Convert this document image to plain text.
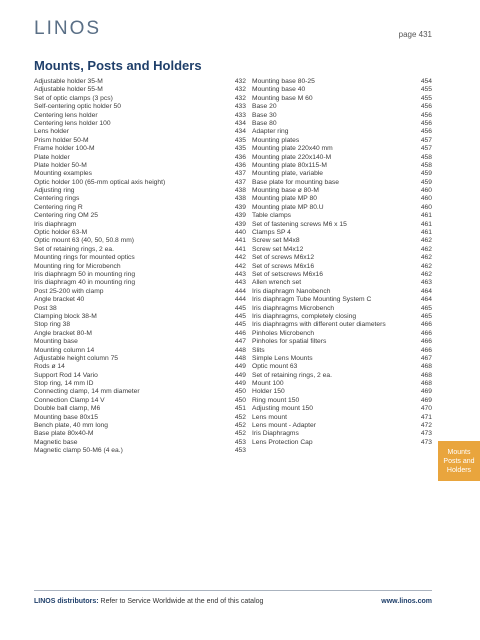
LINOS	page 431
Mounts, Posts and Holders
Adjustable holder 35-M	432
Adjustable holder 55-M	432
Set of optic clamps (3 pcs)	432
Self-centering optic holder 50	433
Centering lens holder	433
Centering lens holder 100	434
Lens holder	434
Prism holder 50-M	435
Frame holder 100-M	435
Plate holder	436
Plate holder 50-M	436
Mounting examples	437
Optic holder 100 (65-mm optical axis height)	437
Adjusting ring	438
Centering rings	438
Centering ring R	439
Centering ring OM 25	439
Iris diaphragm	439
Optic holder 63-M	440
Optic mount 63 (40, 50, 50.8 mm)	441
Set of retaining rings, 2 ea.	441
Mounting rings for mounted optics	442
Mounting ring for Microbench	442
Iris diaphragm 50 in mounting ring	443
Iris diaphragm 40 in mounting ring	443
Post 25-200 with clamp	444
Angle bracket 40	444
Post 38	445
Clamping block 38-M	445
Stop ring 38	445
Angle bracket 80-M	446
Mounting base	447
Mounting column 14	448
Adjustable height column 75	448
Rods ø 14	449
Support Rod 14 Vario	449
Stop ring, 14 mm ID	449
Connecting clamp, 14 mm diameter	450
Connection Clamp 14 V	450
Double ball clamp, M6	451
Mounting base 80x15	452
Bench plate, 40 mm long	452
Base plate 80x40-M	452
Magnetic base	453
Magnetic clamp 50-M6 (4 ea.)	453
Mounting base 80-25	454
Mounting base 40	455
Mounting base M 60	455
Base 20	456
Base 30	456
Base 80	456
Adapter ring	456
Mounting plates	457
Mounting plate 220x40 mm	457
Mounting plate 220x140-M	458
Mounting plate 80x115-M	458
Mounting plate, variable	459
Base plate for mounting base	459
Mounting base ø 80-M	460
Mounting plate MP 80	460
Mounting plate MP 80.U	460
Table clamps	461
Set of fastening screws M6 x 15	461
Clamps SP 4	461
Screw set M4x8	462
Screw set M4x12	462
Set of screws M6x12	462
Set of screws M6x16	462
Set of setscrews M6x16	462
Allen wrench set	463
Iris diaphragm Nanobench	464
Iris diaphragm Tube Mounting System C	464
Iris diaphragms Microbench	465
Iris diaphragms, completely closing	465
Iris diaphragms with different outer diameters	466
Pinholes Microbench	466
Pinholes for spatial filters	466
Slits	466
Simple Lens Mounts	467
Optic mount 63	468
Set of retaining rings, 2 ea.	468
Mount 100	468
Holder 150	469
Ring mount 150	469
Adjusting mount 150	470
Lens mount	471
Lens mount - Adapter	472
Iris Diaphragms	473
Lens Protection Cap	473
Mounts
Posts and
Holders
LINOS distributors: Refer to Service Worldwide at the end of this catalog	www.linos.com
